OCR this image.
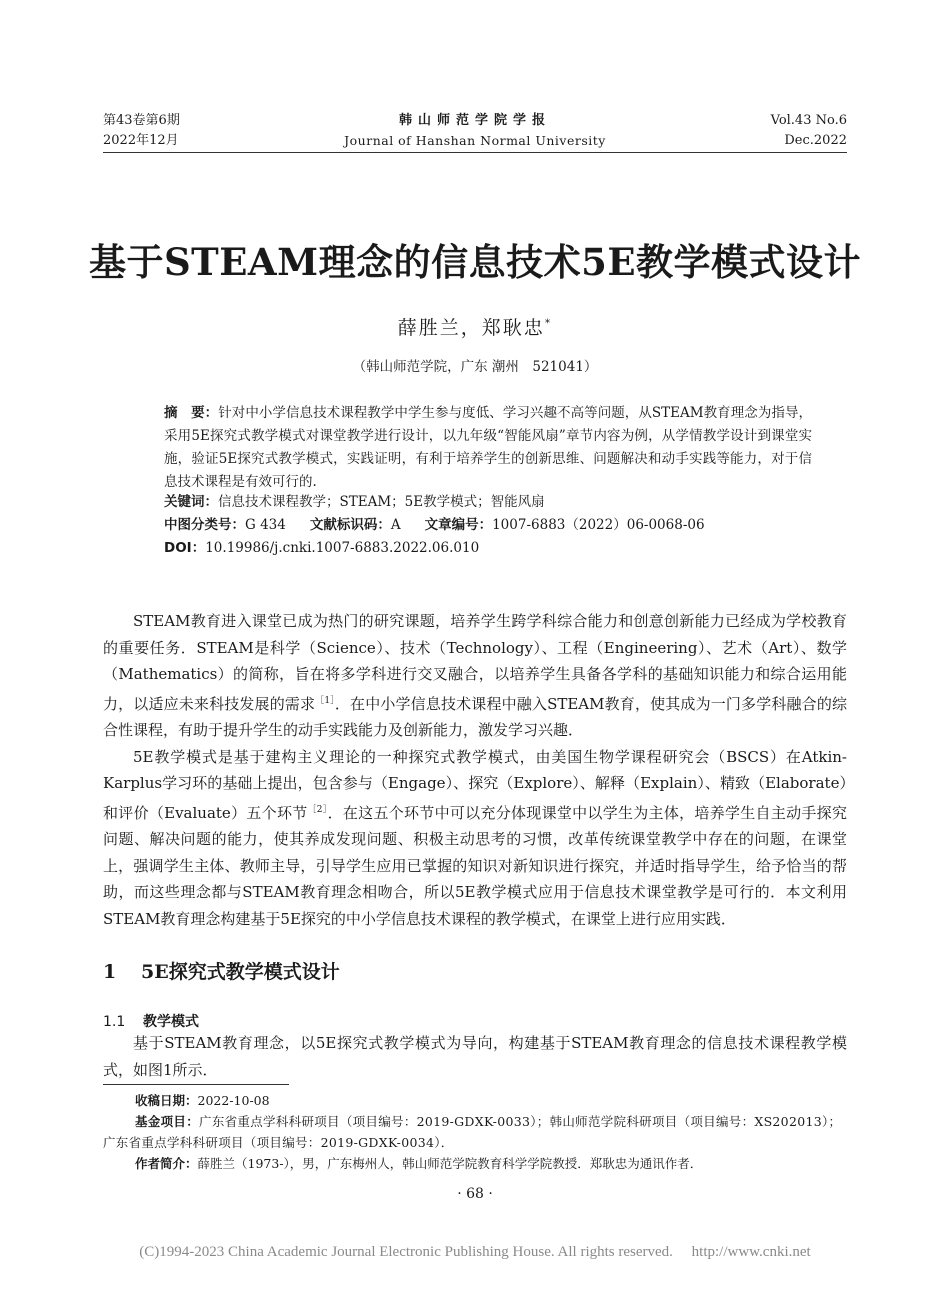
第43卷第6期
2022年12月
韩山师范学院学报
Journal of Hanshan Normal University
Vol.43 No.6
Dec.2022
基于STEAM理念的信息技术5E教学模式设计
薛胜兰，郑耿忠*
（韩山师范学院，广东 潮州　521041）
摘　要：针对中小学信息技术课程教学中学生参与度低、学习兴趣不高等问题，从STEAM教育理念为指导，采用5E探究式教学模式对课堂教学进行设计，以九年级“智能风扇”章节内容为例，从学情教学设计到课堂实施，验证5E探究式教学模式，实践证明，有利于培养学生的创新思维、问题解决和动手实践等能力，对于信息技术课程是有效可行的.
关键词：信息技术课程教学；STEAM；5E教学模式；智能风扇
中图分类号：G 434 文献标识码：A 文章编号：1007-6883（2022）06-0068-06
DOI：10.19986/j.cnki.1007-6883.2022.06.010

STEAM教育进入课堂已成为热门的研究课题，培养学生跨学科综合能力和创意创新能力已经成为学校教育的重要任务．STEAM是科学（Science）、技术（Technology）、工程（Engineering）、艺术（Art）、数学（Mathematics）的简称，旨在将多学科进行交叉融合，以培养学生具备各学科的基础知识能力和综合运用能力，以适应未来科技发展的需求$^{[1]}$．在中小学信息技术课程中融入STEAM教育，使其成为一门多学科融合的综合性课程，有助于提升学生的动手实践能力及创新能力，激发学习兴趣．

5E教学模式是基于建构主义理论的一种探究式教学模式，由美国生物学课程研究会（BSCS）在Atkin-Karplus学习环的基础上提出，包含参与（Engage）、探究（Explore）、解释（Explain）、精致（Elaborate）和评价（Evaluate）五个环节$^{[2]}$．在这五个环节中可以充分体现课堂中以学生为主体，培养学生自主动手探究问题、解决问题的能力，使其养成发现问题、积极主动思考的习惯，改革传统课堂教学中存在的问题，在课堂上，强调学生主体、教师主导，引导学生应用已掌握的知识对新知识进行探究，并适时指导学生，给予恰当的帮助，而这些理念都与STEAM教育理念相吻合，所以5E教学模式应用于信息技术课堂教学是可行的．本文利用STEAM教育理念构建基于5E探究的中小学信息技术课程的教学模式，在课堂上进行应用实践．

1 5E探究式教学模式设计
1.1 教学模式

基于STEAM教育理念，以5E探究式教学模式为导向，构建基于STEAM教育理念的信息技术课程教学模式，如图1所示．

收稿日期：2022-10-08
基金项目：广东省重点学科科研项目（项目编号：2019-GDXK-0033）；韩山师范学院科研项目（项目编号：XS202013）；广东省重点学科科研项目（项目编号：2019-GDXK-0034）．
作者简介：薛胜兰（1973-），男，广东梅州人，韩山师范学院教育科学学院教授．郑耿忠为通讯作者．
· 68 ·
(C)1994-2023 China Academic Journal Electronic Publishing House. All rights reserved.　 http://www.cnki.net
